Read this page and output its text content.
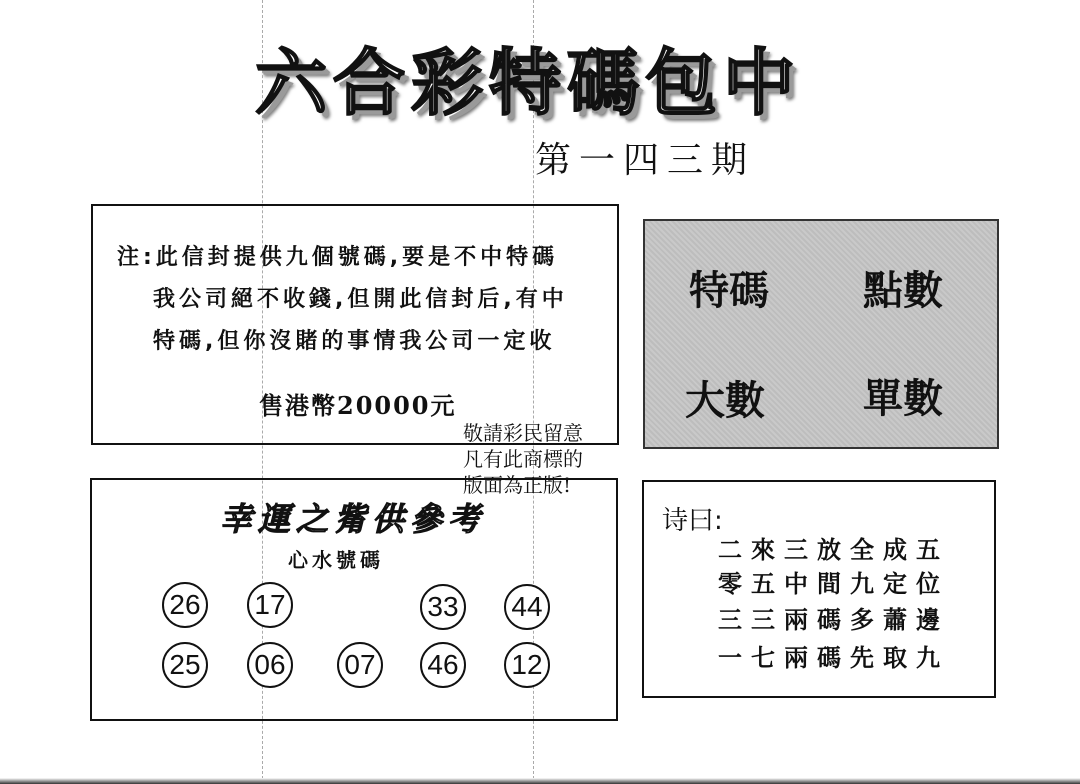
六合彩特碼包中
第一四三期
注:此信封提供九個號碼,要是不中特碼
我公司絕不收錢,但開此信封后,有中
特碼,但你沒賭的事情我公司一定收
售港幣20000元
特碼 點數
大數 單數
敬請彩民留意
凡有此商標的
版面為正版!
幸運之觜供參考
心水號碼
26 17	33 44
25 06 07 46 12
诗曰:
二來三放全成五
零五中間九定位
三三兩碼多蕭邊
一七兩碼先取九
